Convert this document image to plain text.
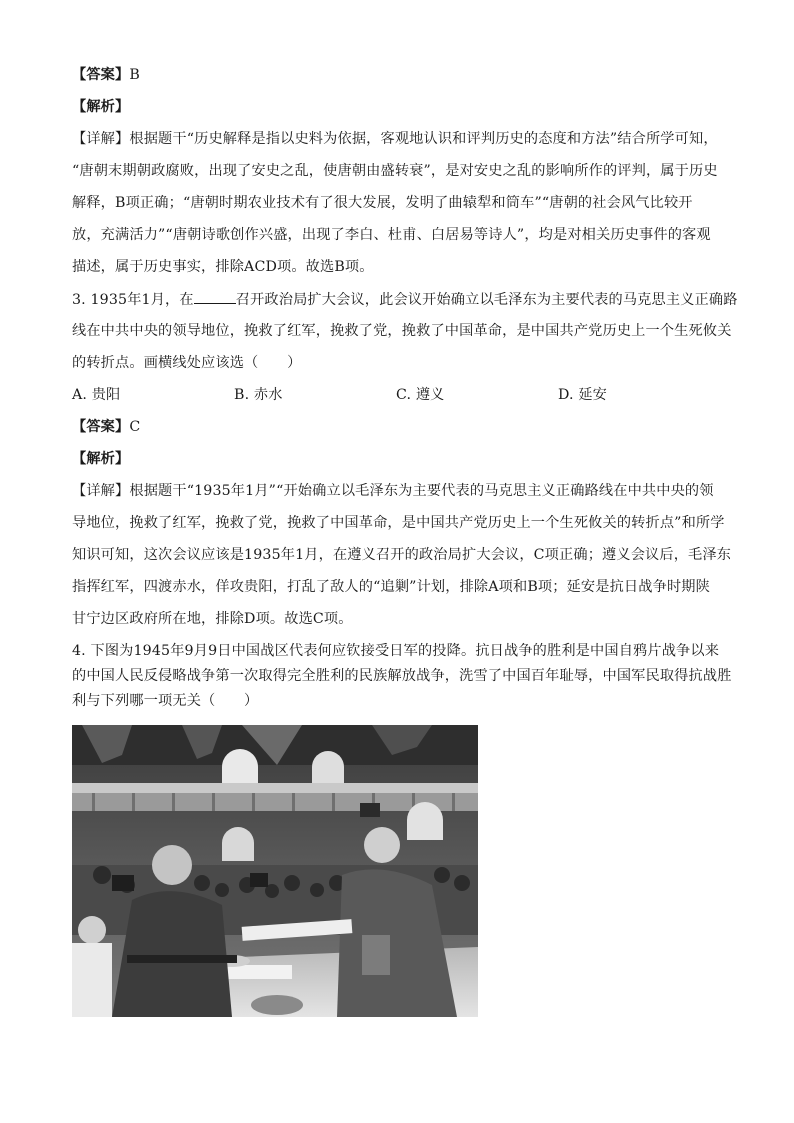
【答案】B
【解析】
【详解】根据题干“历史解释是指以史料为依据，客观地认识和评判历史的态度和方法”结合所学可知，
“唐朝末期朝政腐败，出现了安史之乱，使唐朝由盛转衰”，是对安史之乱的影响所作的评判，属于历史
解释，B项正确；“唐朝时期农业技术有了很大发展，发明了曲辕犁和筒车”“唐朝的社会风气比较开
放，充满活力”“唐朝诗歌创作兴盛，出现了李白、杜甫、白居易等诗人”，均是对相关历史事件的客观
描述，属于历史事实，排除ACD项。故选B项。
3. 1935年1月，在	召开政治局扩大会议，此会议开始确立以毛泽东为主要代表的马克思主义正确路
线在中共中央的领导地位，挽救了红军，挽救了党，挽救了中国革命，是中国共产党历史上一个生死攸关
的转折点。画横线处应该选（　　）
A. 贵阳	B. 赤水	C. 遵义	D. 延安
【答案】C
【解析】
【详解】根据题干“1935年1月”“开始确立以毛泽东为主要代表的马克思主义正确路线在中共中央的领
导地位，挽救了红军，挽救了党，挽救了中国革命，是中国共产党历史上一个生死攸关的转折点”和所学
知识可知，这次会议应该是1935年1月，在遵义召开的政治局扩大会议，C项正确；遵义会议后，毛泽东
指挥红军，四渡赤水，佯攻贵阳，打乱了敌人的“追剿”计划，排除A项和B项；延安是抗日战争时期陕
甘宁边区政府所在地，排除D项。故选C项。
4. 下图为1945年9月9日中国战区代表何应钦接受日军的投降。抗日战争的胜利是中国自鸦片战争以来
的中国人民反侵略战争第一次取得完全胜利的民族解放战争，洗雪了中国百年耻辱，中国军民取得抗战胜
利与下列哪一项无关（　　）
